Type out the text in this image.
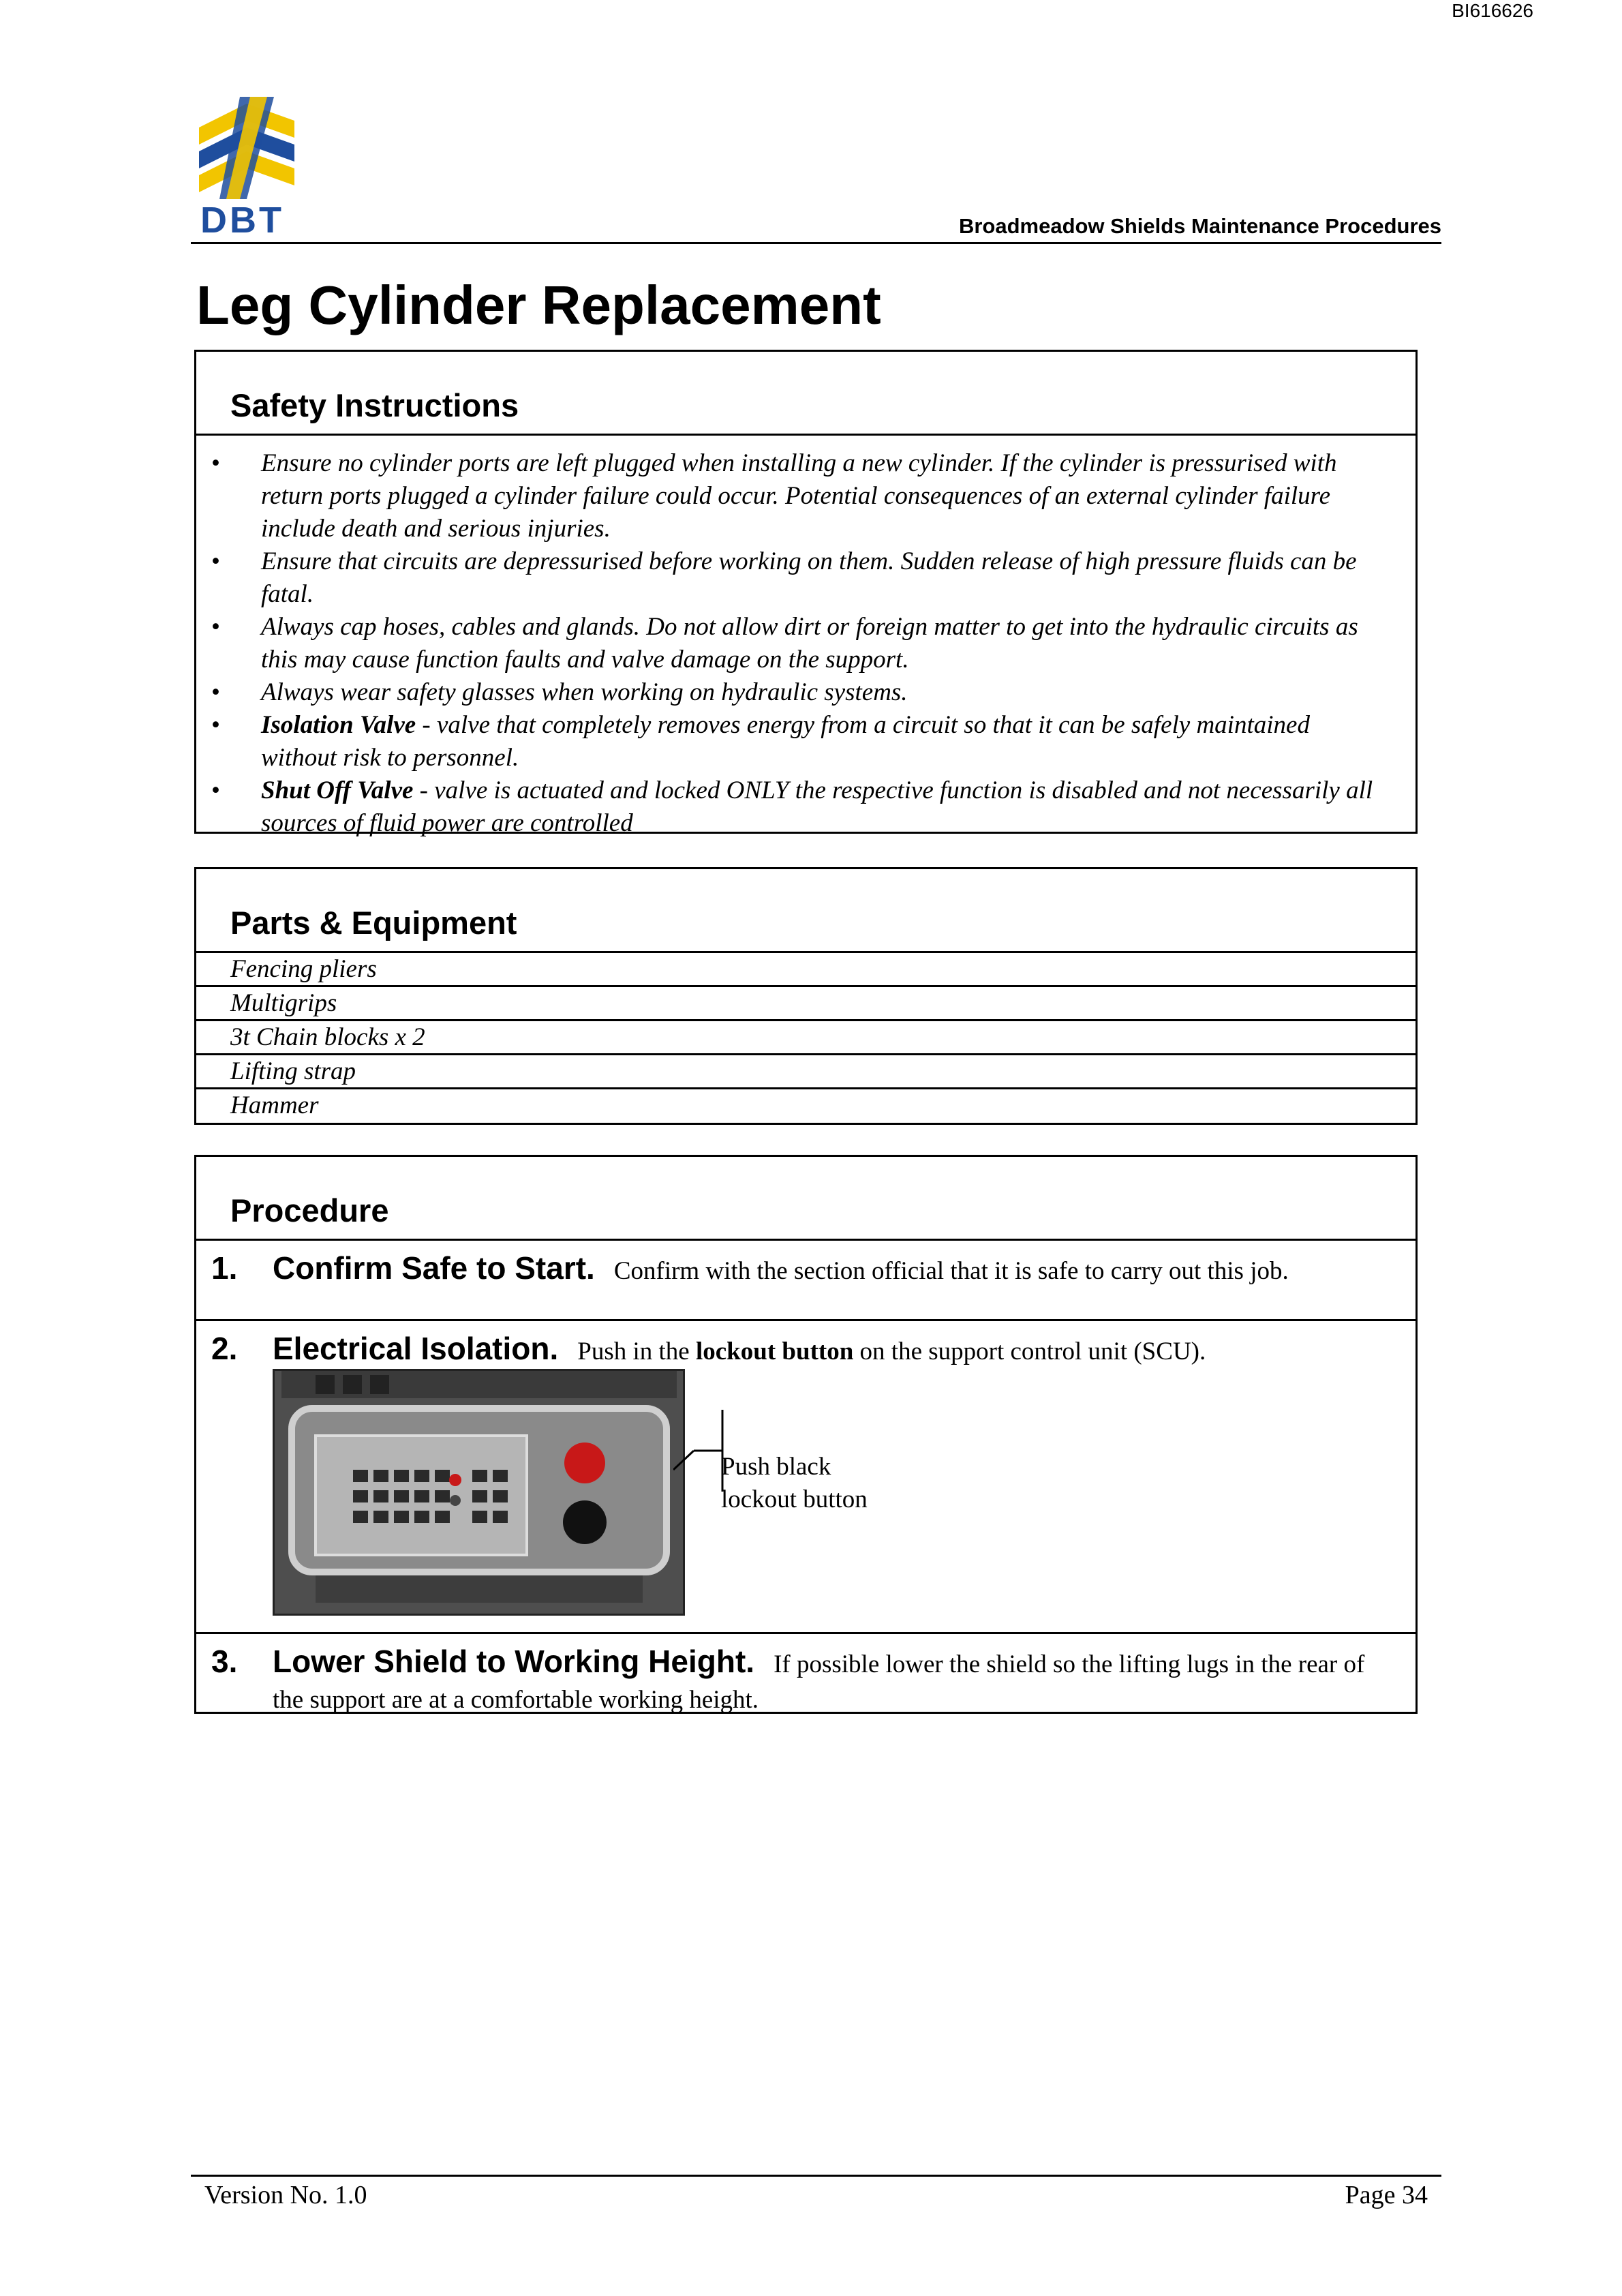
BI616626
DBT	Broadmeadow Shields Maintenance Procedures
Leg Cylinder Replacement
Safety Instructions
• Ensure no cylinder ports are left plugged when installing a new cylinder. If the cylinder is pressurised with return ports plugged a cylinder failure could occur. Potential consequences of an external cylinder failure include death and serious injuries.
• Ensure that circuits are depressurised before working on them. Sudden release of high pressure fluids can be fatal.
• Always cap hoses, cables and glands. Do not allow dirt or foreign matter to get into the hydraulic circuits as this may cause function faults and valve damage on the support.
• Always wear safety glasses when working on hydraulic systems.
• Isolation Valve - valve that completely removes energy from a circuit so that it can be safely maintained without risk to personnel.
• Shut Off Valve - valve is actuated and locked ONLY the respective function is disabled and not necessarily all sources of fluid power are controlled
Parts & Equipment
Fencing pliers
Multigrips
3t Chain blocks x 2
Lifting strap
Hammer
Procedure
1. Confirm Safe to Start. Confirm with the section official that it is safe to carry out this job.
2. Electrical Isolation. Push in the lockout button on the support control unit (SCU).
Push black
lockout button
3. Lower Shield to Working Height. If possible lower the shield so the lifting lugs in the rear of the support are at a comfortable working height.
Version No. 1.0	Page 34
